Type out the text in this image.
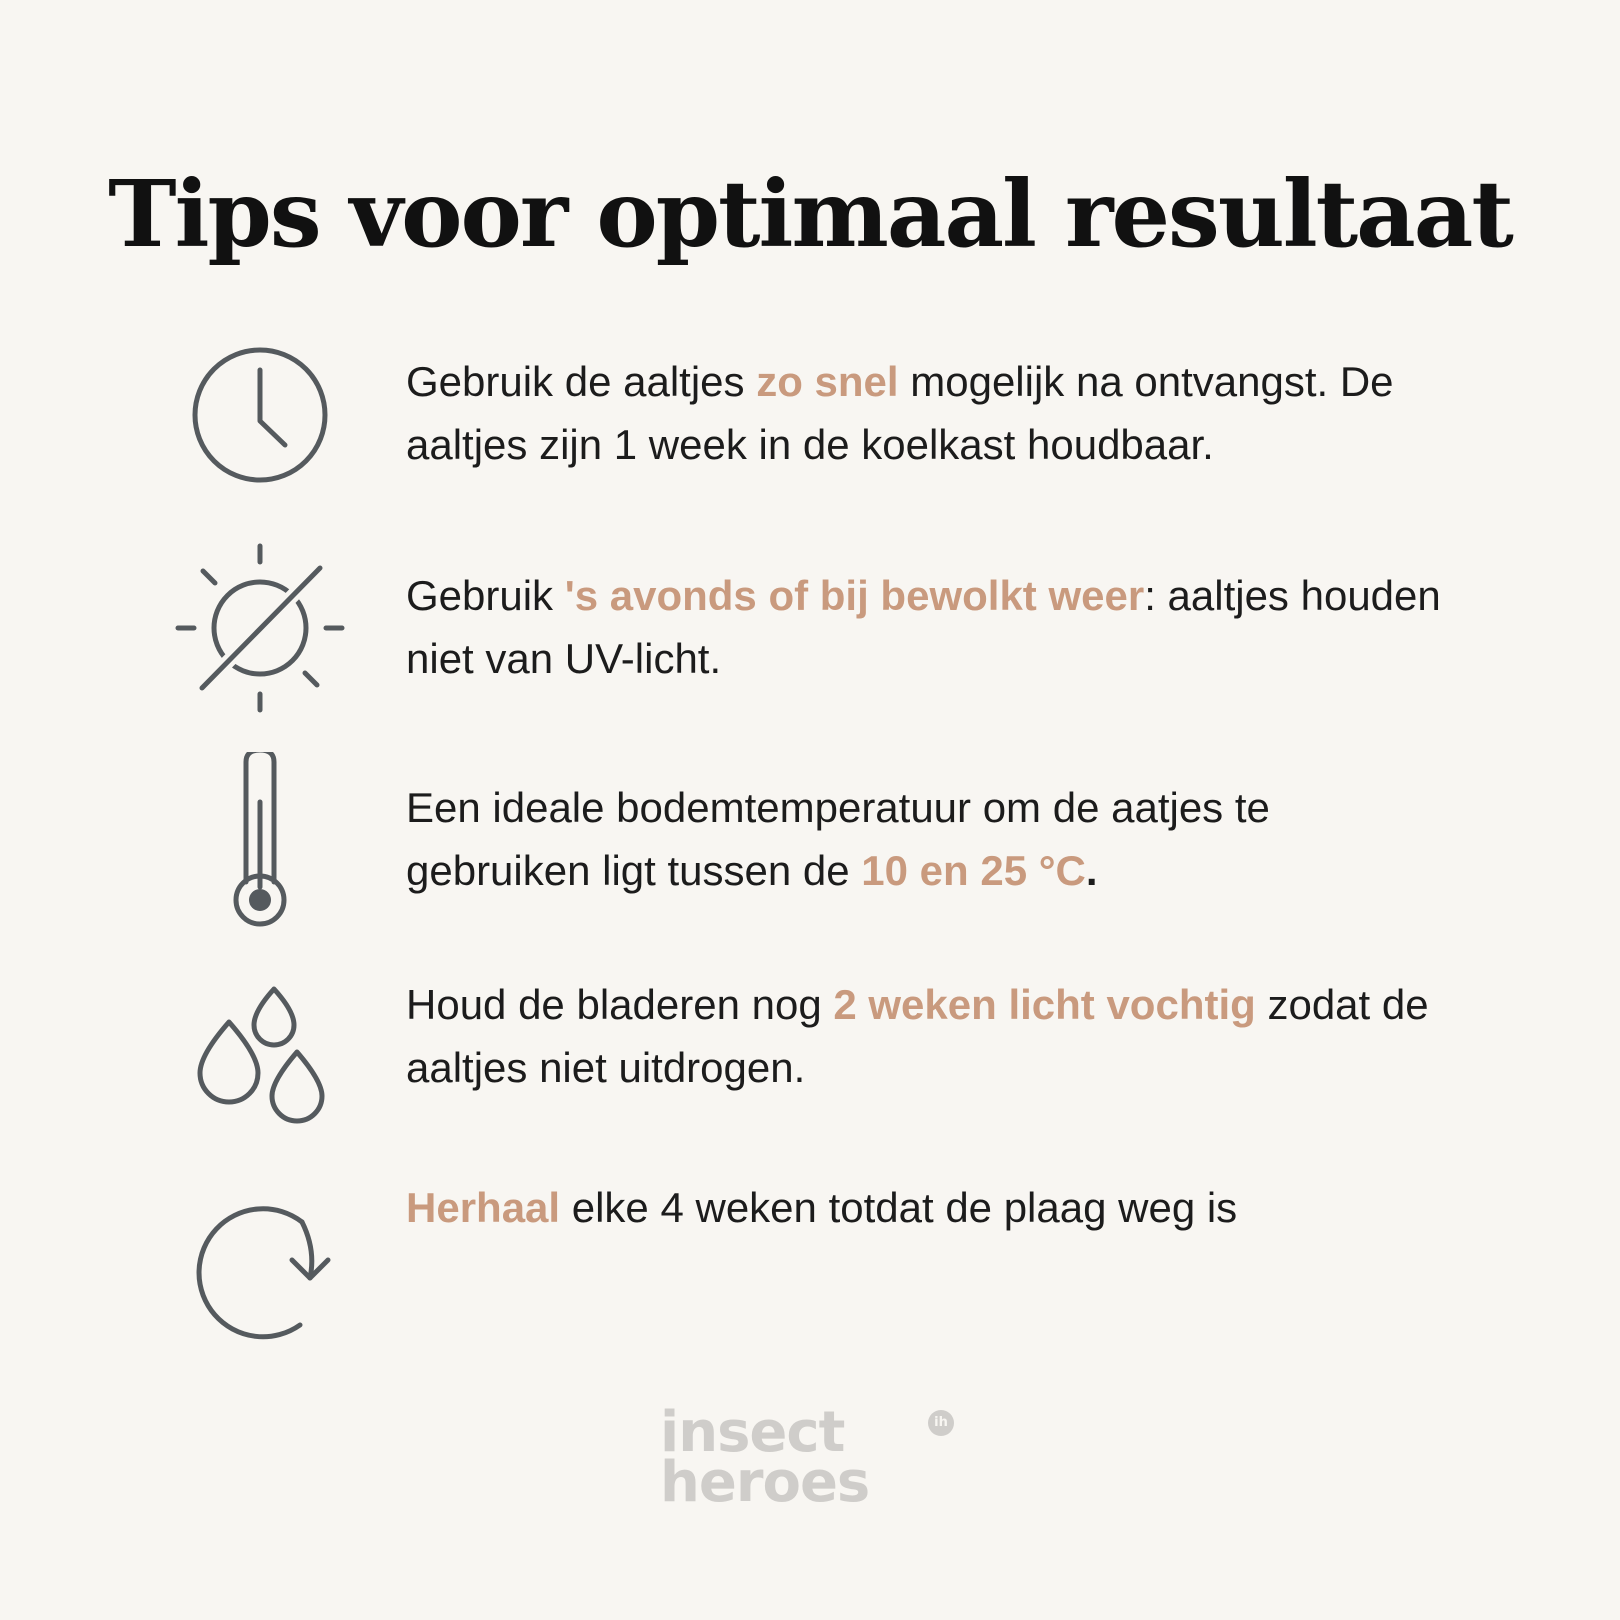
Tips voor optimaal resultaat
Gebruik de aaltjes zo snel mogelijk na ontvangst. De aaltjes zijn 1 week in de koelkast houdbaar.
Gebruik 's avonds of bij bewolkt weer: aaltjes houden niet van UV-licht.
Een ideale bodemtemperatuur om de aatjes te gebruiken ligt tussen de 10 en 25 °C.
Houd de bladeren nog 2 weken licht vochtig zodat de aaltjes niet uitdrogen.
Herhaal elke 4 weken totdat de plaag weg is
insect
heroes
ih
